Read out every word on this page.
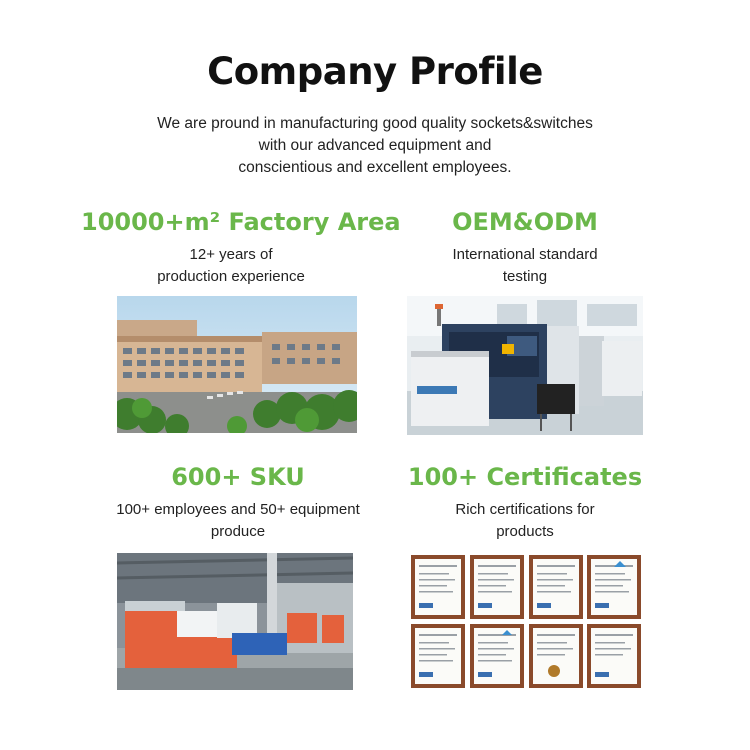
Company Profile
We are pround in manufacturing good quality sockets&switches
with our advanced equipment and
conscientious and excellent employees.
10000+m² Factory Area
12+ years of
production experience
OEM&ODM
International standard
testing
600+ SKU
100+ employees and 50+ equipment
produce
100+ Certificates
Rich certifications for
products
